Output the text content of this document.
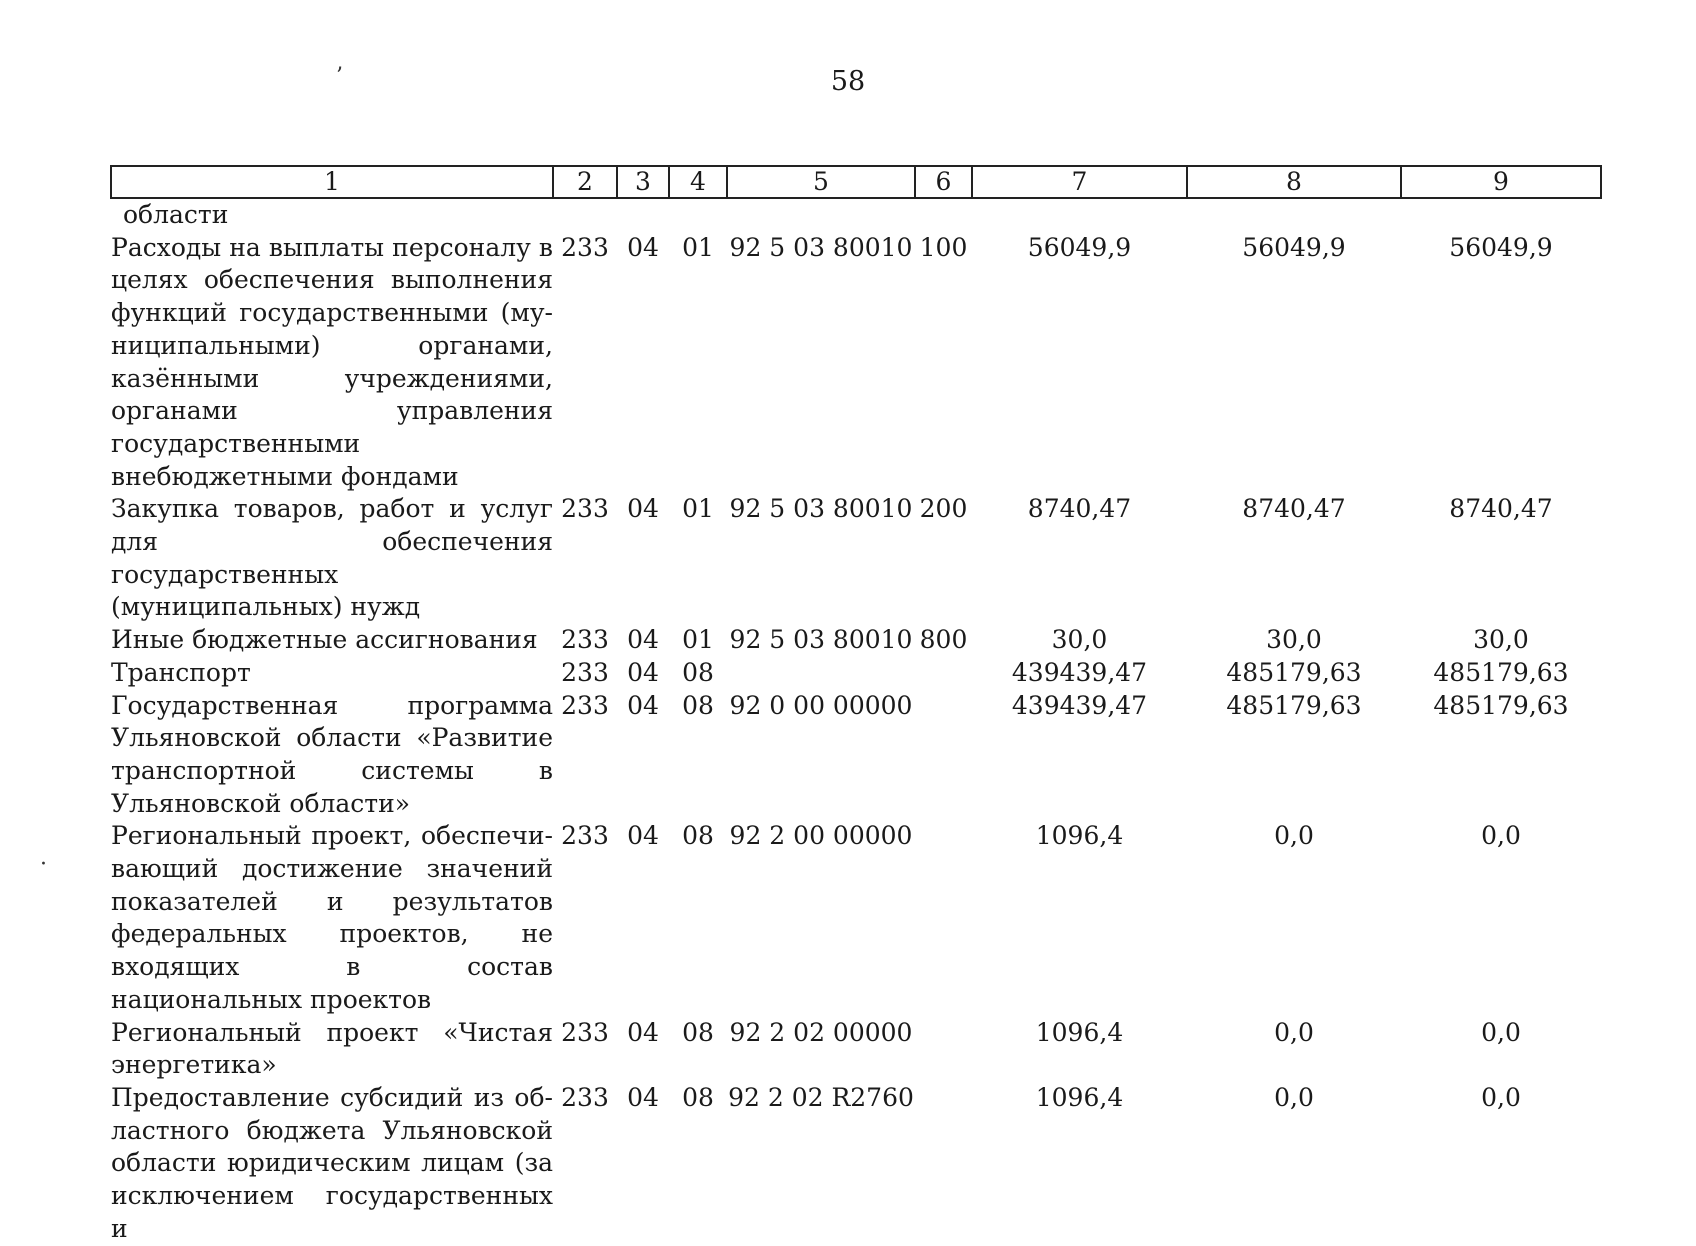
58
’
·
1	2	3	4	5	6	7	8	9
области								
Расходы на выплаты персоналу в целях обеспечения выполнения функций государственными (муниципальными) органами, казёнными учреждениями, органами управления государственными внебюджетными фондами	233	04	01	92 5 03 80010	100	56049,9	56049,9	56049,9
Закупка товаров, работ и услуг для обеспечения государственных (муниципальных) нужд	233	04	01	92 5 03 80010	200	8740,47	8740,47	8740,47
Иные бюджетные ассигнования	233	04	01	92 5 03 80010	800	30,0	30,0	30,0
Транспорт	233	04	08			439439,47	485179,63	485179,63
Государственная программа Ульяновской области «Развитие транспортной системы в Ульяновской области»	233	04	08	92 0 00 00000		439439,47	485179,63	485179,63
Региональный проект, обеспечивающий достижение значений показателей и результатов федеральных проектов, не входящих в состав национальных проектов	233	04	08	92 2 00 00000		1096,4	0,0	0,0
Региональный проект «Чистая энергетика»	233	04	08	92 2 02 00000		1096,4	0,0	0,0
Предоставление субсидий из областного бюджета Ульяновской области юридическим лицам (за исключением государственных и	233	04	08	92 2 02 R2760		1096,4	0,0	0,0
